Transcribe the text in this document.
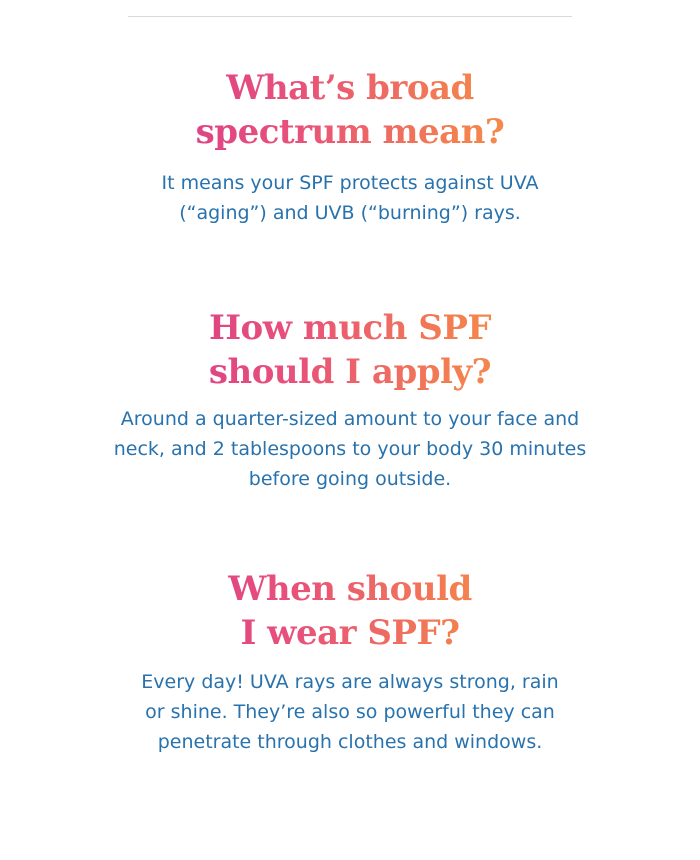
What’s broad
spectrum mean?

It means your SPF protects against UVA (“aging”) and UVB (“burning”) rays.

How much SPF
should I apply?

Around a quarter-sized amount to your face and neck, and 2 tablespoons to your body 30 minutes before going outside.

When should
I wear SPF?

Every day! UVA rays are always strong, rain or shine. They’re also so powerful they can penetrate through clothes and windows.
